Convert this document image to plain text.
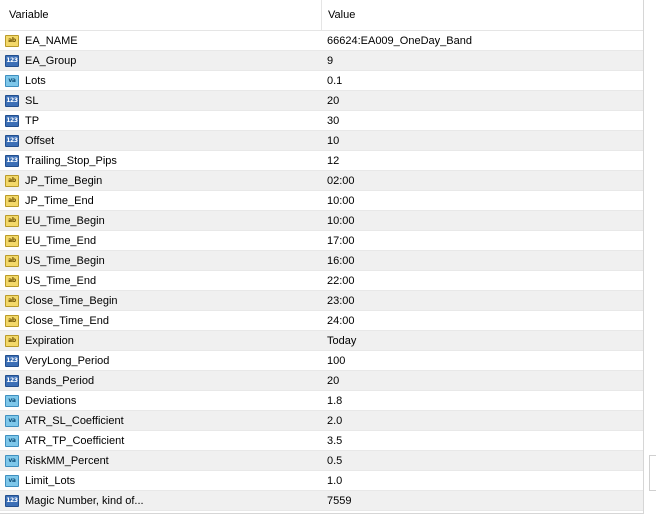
Variable	Value
ab EA_NAME	66624:EA009_OneDay_Band
123 EA_Group	9
va Lots	0.1
123 SL	20
123 TP	30
123 Offset	10
123 Trailing_Stop_Pips	12
ab JP_Time_Begin	02:00
ab JP_Time_End	10:00
ab EU_Time_Begin	10:00
ab EU_Time_End	17:00
ab US_Time_Begin	16:00
ab US_Time_End	22:00
ab Close_Time_Begin	23:00
ab Close_Time_End	24:00
ab Expiration	Today
123 VeryLong_Period	100
123 Bands_Period	20
va Deviations	1.8
va ATR_SL_Coefficient	2.0
va ATR_TP_Coefficient	3.5
va RiskMM_Percent	0.5
va Limit_Lots	1.0
123 Magic Number, kind of...	7559
